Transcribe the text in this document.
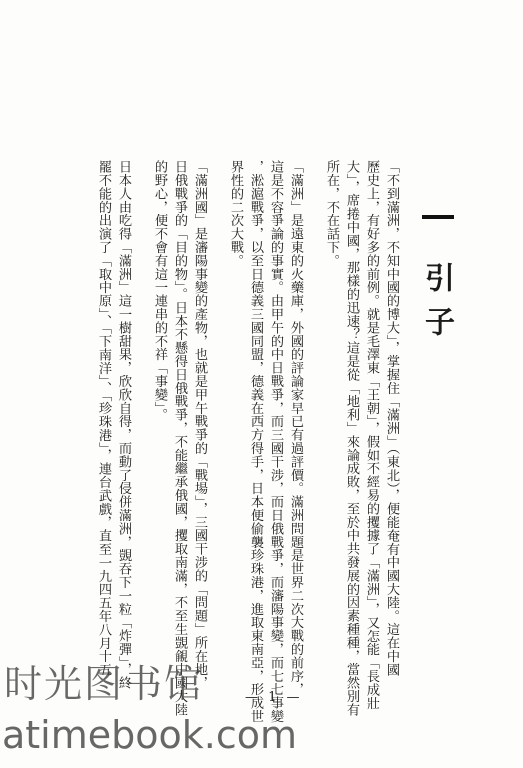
引子
「不到滿洲，不知中國的博大」，掌握住「滿洲」（東北），便能奄有中國大陸。這在中國
歷史上，有好多的前例。就是毛澤東「王朝」，假如不經易的攫據了「滿洲」，又怎能「長成壯
大」，席捲中國，那樣的迅速？這是從「地利」來論成敗，至於中共發展的因素種種，當然別有
所在，不在話下。
「滿洲」是遠東的火藥庫，外國的評論家早已有過評價。滿洲問題是世界二次大戰的前序，
這是不容爭論的事實。由甲午的中日戰爭，而三國干涉，而日俄戰爭，而瀋陽事變，而七七事變
，淞滬戰爭，以至日德義三國同盟，德義在西方得手，日本便偷襲珍珠港，進取東南亞，形成世
界性的二次大戰。
「滿洲國」是瀋陽事變的產物，也就是甲午戰爭的「戰場」，三國干涉的「問題」所在地，
日俄戰爭的「目的物」。日本不懸得日俄戰爭，不能繼承俄國，攫取南滿，不至生覬覦中國大陸
的野心，便不會有這一連串的不祥「事變」。
日本人由吃得「滿洲」這一樹甜果，欣欣自得，而動了侵併滿洲，覬吞下一粒「炸彈」，終
罷不能的出演了「取中原」、「下南洋」、「珍珠港」，連台武戲，直至一九四五年八月十五
— 1 —
时光图书馆
atimebook.com
